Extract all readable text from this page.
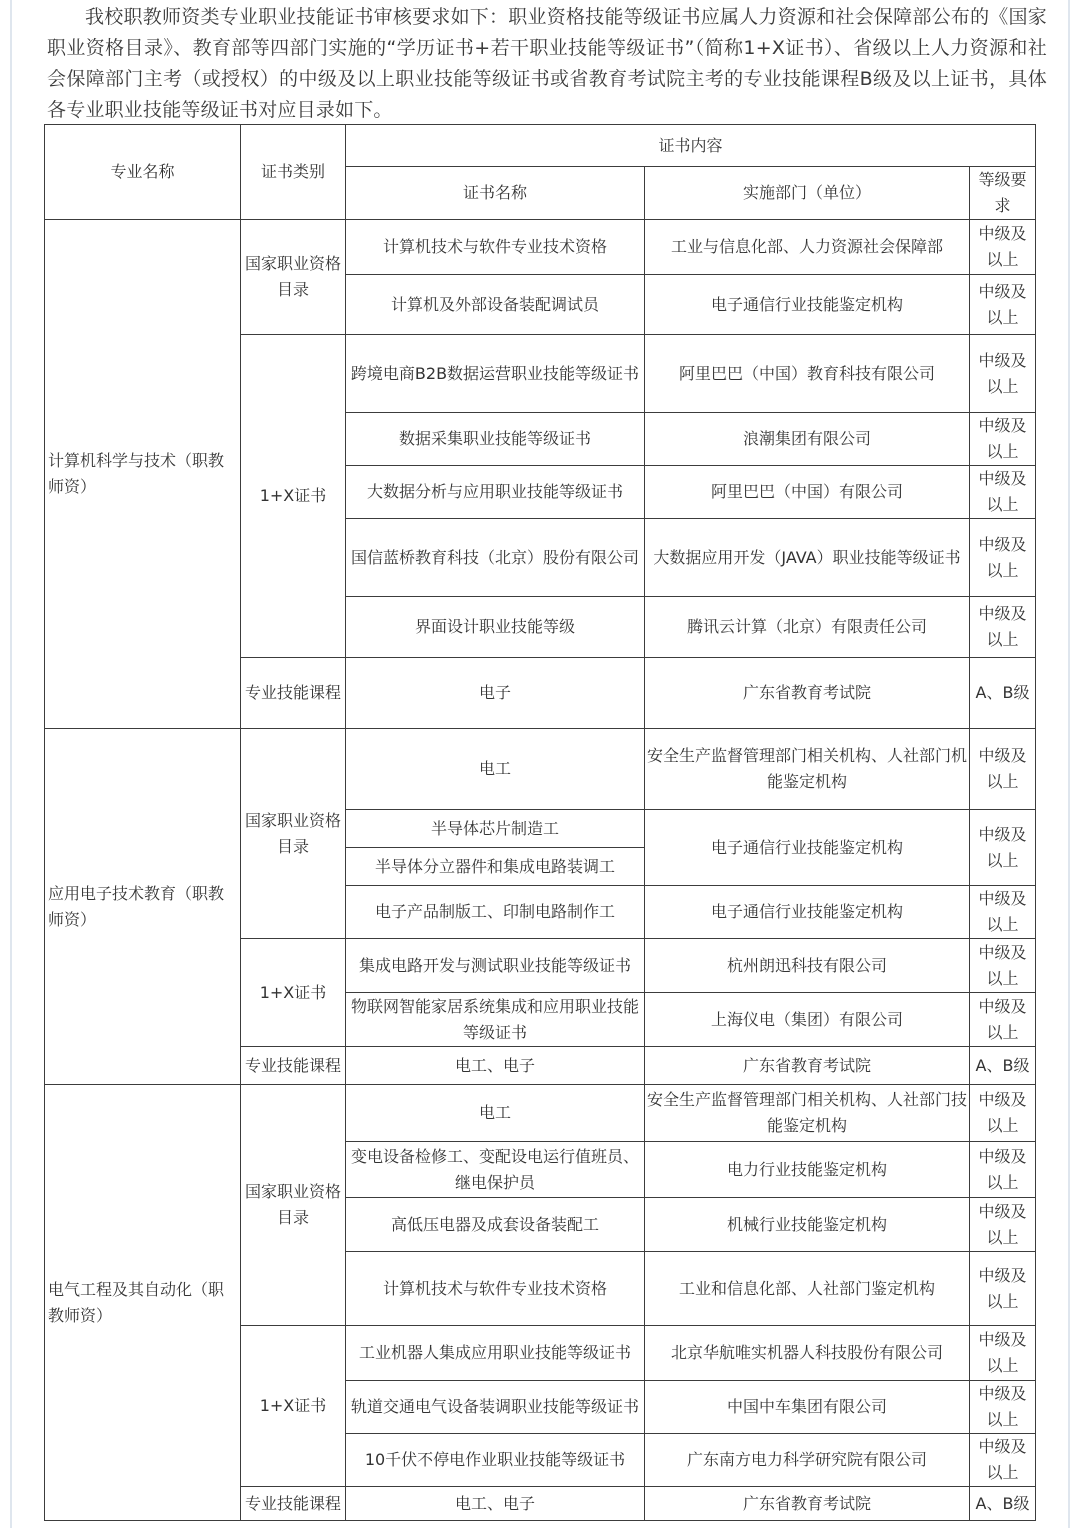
我校职教师资类专业职业技能证书审核要求如下：职业资格技能等级证书应属人力资源和社会保障部公布的《国家职业资格目录》、教育部等四部门实施的“学历证书+若干职业技能等级证书”（简称1+X证书）、省级以上人力资源和社会保障部门主考（或授权）的中级及以上职业技能等级证书或省教育考试院主考的专业技能课程B级及以上证书，具体各专业职业技能等级证书对应目录如下。

专业名称	证书类别	证书内容		
		证书名称	实施部门（单位）	等级要求
计算机科学与技术（职教师资）	国家职业资格目录	计算机技术与软件专业技术资格	工业与信息化部、人力资源社会保障部	中级及以上
		计算机及外部设备装配调试员	电子通信行业技能鉴定机构	中级及以上
	1+X证书	跨境电商B2B数据运营职业技能等级证书	阿里巴巴（中国）教育科技有限公司	中级及以上
		数据采集职业技能等级证书	浪潮集团有限公司	中级及以上
		大数据分析与应用职业技能等级证书	阿里巴巴（中国）有限公司	中级及以上
		国信蓝桥教育科技（北京）股份有限公司	大数据应用开发（JAVA）职业技能等级证书	中级及以上
		界面设计职业技能等级	腾讯云计算（北京）有限责任公司	中级及以上
	专业技能课程	电子	广东省教育考试院	A、B级
应用电子技术教育（职教师资）	国家职业资格目录	电工	安全生产监督管理部门相关机构、人社部门机能鉴定机构	中级及以上
		半导体芯片制造工	电子通信行业技能鉴定机构	中级及以上
		半导体分立器件和集成电路装调工		
		电子产品制版工、印制电路制作工	电子通信行业技能鉴定机构	中级及以上
	1+X证书	集成电路开发与测试职业技能等级证书	杭州朗迅科技有限公司	中级及以上
		物联网智能家居系统集成和应用职业技能等级证书	上海仪电（集团）有限公司	中级及以上
	专业技能课程	电工、电子	广东省教育考试院	A、B级
电气工程及其自动化（职教师资）	国家职业资格目录	电工	安全生产监督管理部门相关机构、人社部门技能鉴定机构	中级及以上
		变电设备检修工、变配设电运行值班员、继电保护员	电力行业技能鉴定机构	中级及以上
		高低压电器及成套设备装配工	机械行业技能鉴定机构	中级及以上
		计算机技术与软件专业技术资格	工业和信息化部、人社部门鉴定机构	中级及以上
	1+X证书	工业机器人集成应用职业技能等级证书	北京华航唯实机器人科技股份有限公司	中级及以上
		轨道交通电气设备装调职业技能等级证书	中国中车集团有限公司	中级及以上
		10千伏不停电作业职业技能等级证书	广东南方电力科学研究院有限公司	中级及以上
	专业技能课程	电工、电子	广东省教育考试院	A、B级
